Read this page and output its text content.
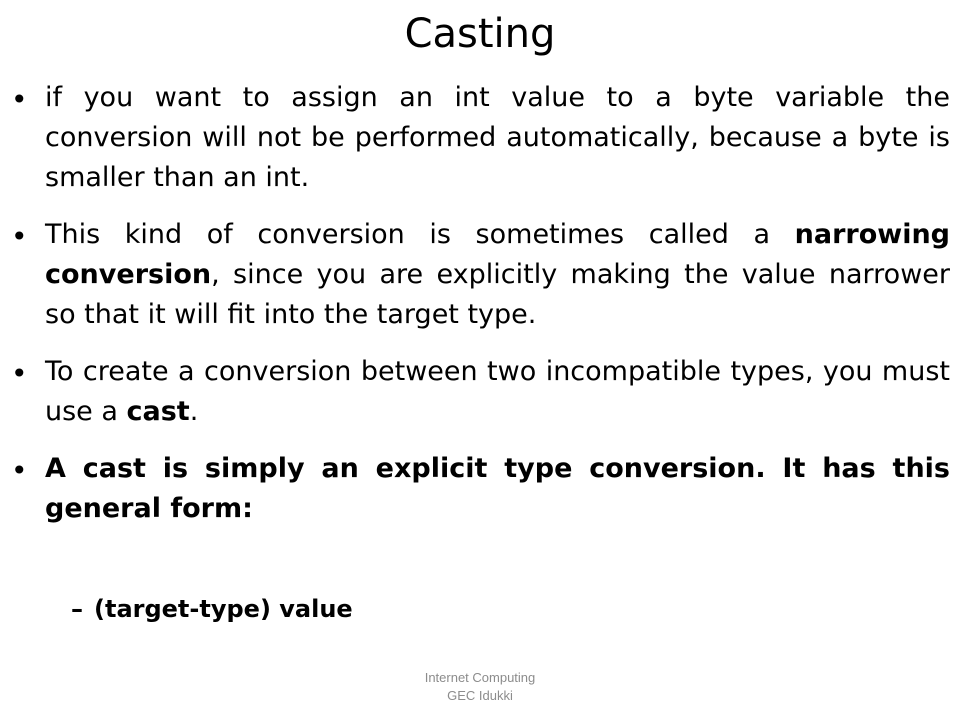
Casting
• if you want to assign an int value to a byte variable the conversion will not be performed automatically, because a byte is smaller than an int.
• This kind of conversion is sometimes called a narrowing conversion, since you are explicitly making the value narrower so that it will fit into the target type.
• To create a conversion between two incompatible types, you must use a cast.
• A cast is simply an explicit type conversion. It has this general form:
– (target-type) value
Internet Computing
GEC Idukki
